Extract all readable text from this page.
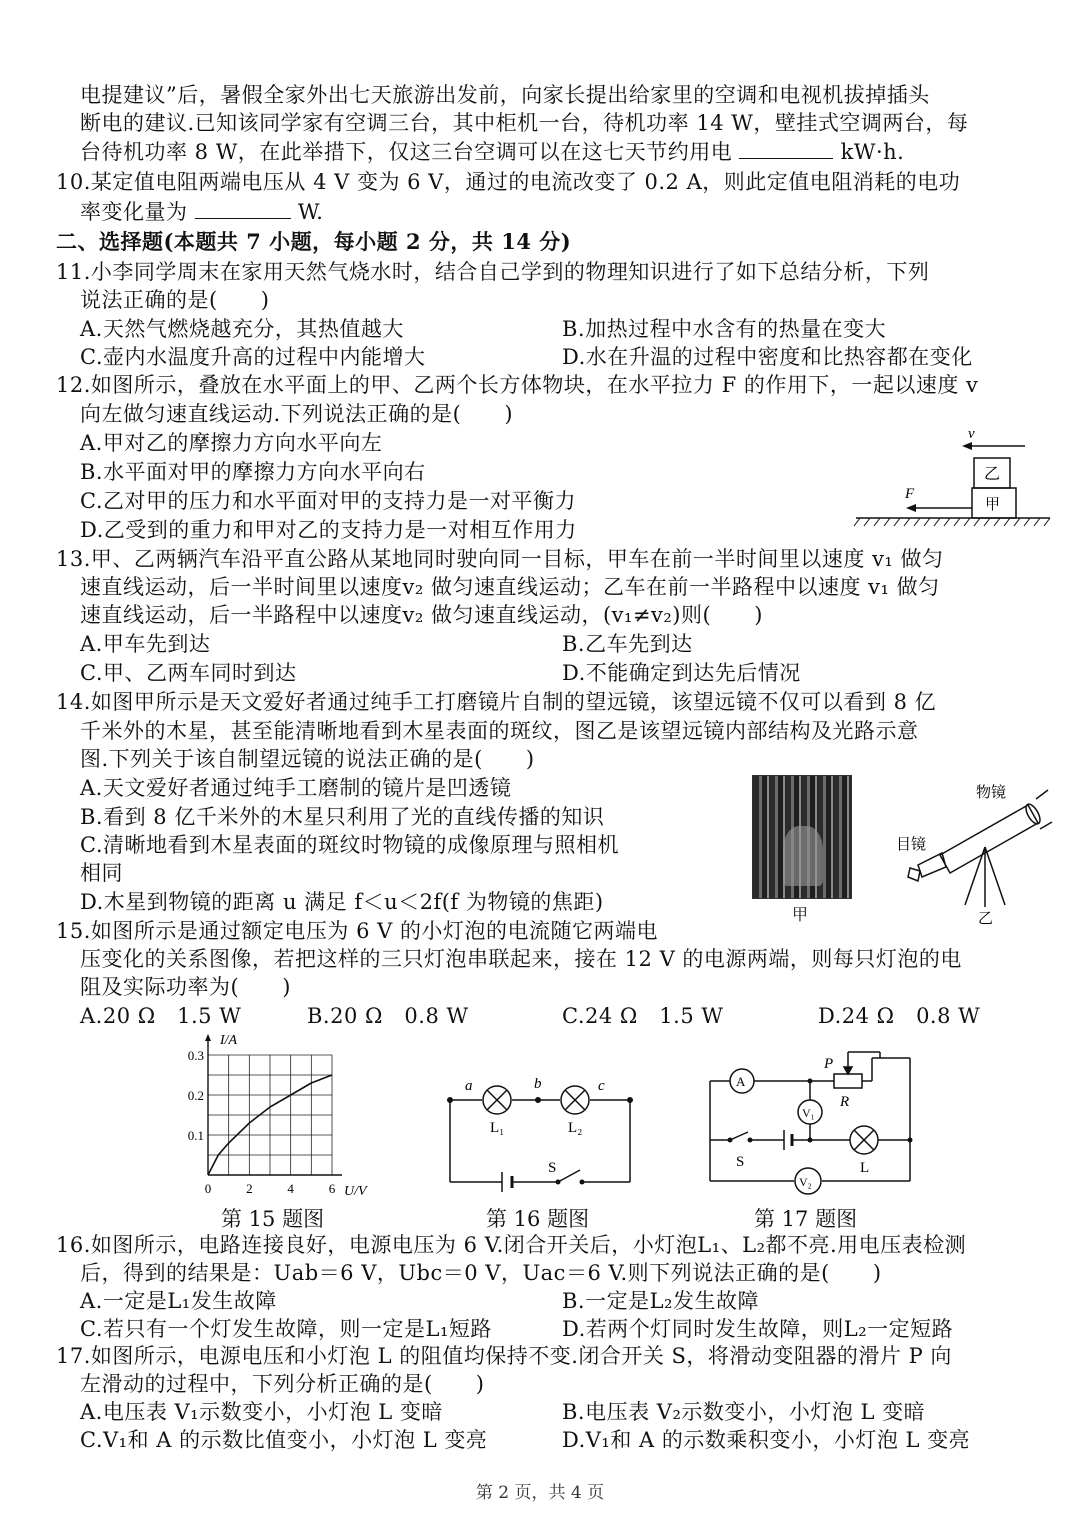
电提建议”后，暑假全家外出七天旅游出发前，向家长提出给家里的空调和电视机拔掉插头
断电的建议.已知该同学家有空调三台，其中柜机一台，待机功率 14 W，壁挂式空调两台，每
台待机功率 8 W，在此举措下，仅这三台空调可以在这七天节约用电	kW·h.
10.某定值电阻两端电压从 4 V 变为 6 V，通过的电流改变了 0.2 A，则此定值电阻消耗的电功
率变化量为	W.
二、选择题(本题共 7 小题，每小题 2 分，共 14 分)
11.小李同学周末在家用天然气烧水时，结合自己学到的物理知识进行了如下总结分析，下列
说法正确的是(　　)
A.天然气燃烧越充分，其热值越大	B.加热过程中水含有的热量在变大
C.壶内水温度升高的过程中内能增大	D.水在升温的过程中密度和比热容都在变化
12.如图所示，叠放在水平面上的甲、乙两个长方体物块，在水平拉力 F 的作用下，一起以速度 v
向左做匀速直线运动.下列说法正确的是(　　)
A.甲对乙的摩擦力方向水平向左
B.水平面对甲的摩擦力方向水平向右
C.乙对甲的压力和水平面对甲的支持力是一对平衡力
D.乙受到的重力和甲对乙的支持力是一对相互作用力
v
乙
甲
F
13.甲、乙两辆汽车沿平直公路从某地同时驶向同一目标，甲车在前一半时间里以速度 v₁ 做匀
速直线运动，后一半时间里以速度v₂ 做匀速直线运动；乙车在前一半路程中以速度 v₁ 做匀
速直线运动，后一半路程中以速度v₂ 做匀速直线运动，(v₁≠v₂)则(　　)
A.甲车先到达	B.乙车先到达
C.甲、乙两车同时到达	D.不能确定到达先后情况
14.如图甲所示是天文爱好者通过纯手工打磨镜片自制的望远镜，该望远镜不仅可以看到 8 亿
千米外的木星，甚至能清晰地看到木星表面的斑纹，图乙是该望远镜内部结构及光路示意
图.下列关于该自制望远镜的说法正确的是(　　)
A.天文爱好者通过纯手工磨制的镜片是凹透镜
B.看到 8 亿千米外的木星只利用了光的直线传播的知识
C.清晰地看到木星表面的斑纹时物镜的成像原理与照相机
相同
D.木星到物镜的距离 u 满足 f＜u＜2f(f 为物镜的焦距)
甲
物镜
目镜
乙
15.如图所示是通过额定电压为 6 V 的小灯泡的电流随它两端电
压变化的关系图像，若把这样的三只灯泡串联起来，接在 12 V 的电源两端，则每只灯泡的电
阻及实际功率为(　　)
A.20 Ω　1.5 W	B.20 Ω　0.8 W	C.24 Ω　1.5 W	D.24 Ω　0.8 W
0.3
0.2
0.1
0	2	4	6
I/A
U/V
第 15 题图
a	b	c
L₁	L₂
S
第 16 题图
A
V₁
V₂
P
R
S	L
第 17 题图
16.如图所示，电路连接良好，电源电压为 6 V.闭合开关后，小灯泡L₁、L₂都不亮.用电压表检测
后，得到的结果是：Uab＝6 V，Ubc＝0 V，Uac＝6 V.则下列说法正确的是(　　)
A.一定是L₁发生故障	B.一定是L₂发生故障
C.若只有一个灯发生故障，则一定是L₁短路	D.若两个灯同时发生故障，则L₂一定短路
17.如图所示，电源电压和小灯泡 L 的阻值均保持不变.闭合开关 S，将滑动变阻器的滑片 P 向
左滑动的过程中，下列分析正确的是(　　)
A.电压表 V₁示数变小，小灯泡 L 变暗	B.电压表 V₂示数变小，小灯泡 L 变暗
C.V₁和 A 的示数比值变小，小灯泡 L 变亮	D.V₁和 A 的示数乘积变小，小灯泡 L 变亮
第 2 页，共 4 页
